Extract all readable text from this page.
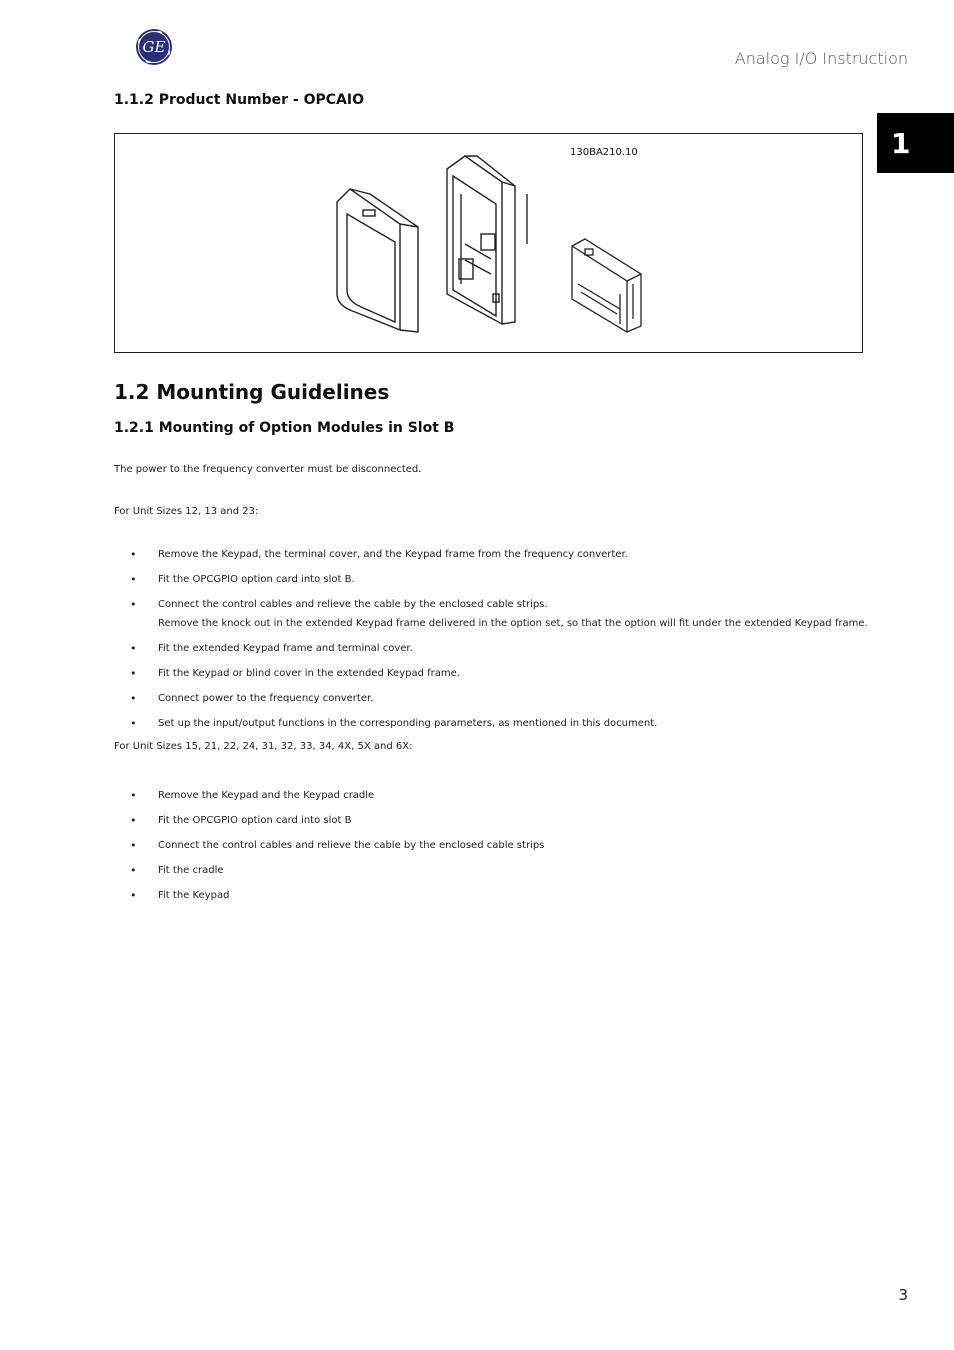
GE
Analog I/O Instruction
1
1.1.2 Product Number - OPCAIO
130BA210.10
1.2 Mounting Guidelines
1.2.1 Mounting of Option Modules in Slot B
The power to the frequency converter must be disconnected.
For Unit Sizes 12, 13 and 23:
• Remove the Keypad, the terminal cover, and the Keypad frame from the frequency converter.
• Fit the OPCGPIO option card into slot B.
• Connect the control cables and relieve the cable by the enclosed cable strips.
Remove the knock out in the extended Keypad frame delivered in the option set, so that the option will fit under the extended Keypad frame.
• Fit the extended Keypad frame and terminal cover.
• Fit the Keypad or blind cover in the extended Keypad frame.
• Connect power to the frequency converter.
• Set up the input/output functions in the corresponding parameters, as mentioned in this document.
For Unit Sizes 15, 21, 22, 24, 31, 32, 33, 34, 4X, 5X and 6X:
• Remove the Keypad and the Keypad cradle
• Fit the OPCGPIO option card into slot B
• Connect the control cables and relieve the cable by the enclosed cable strips
• Fit the cradle
• Fit the Keypad
3
